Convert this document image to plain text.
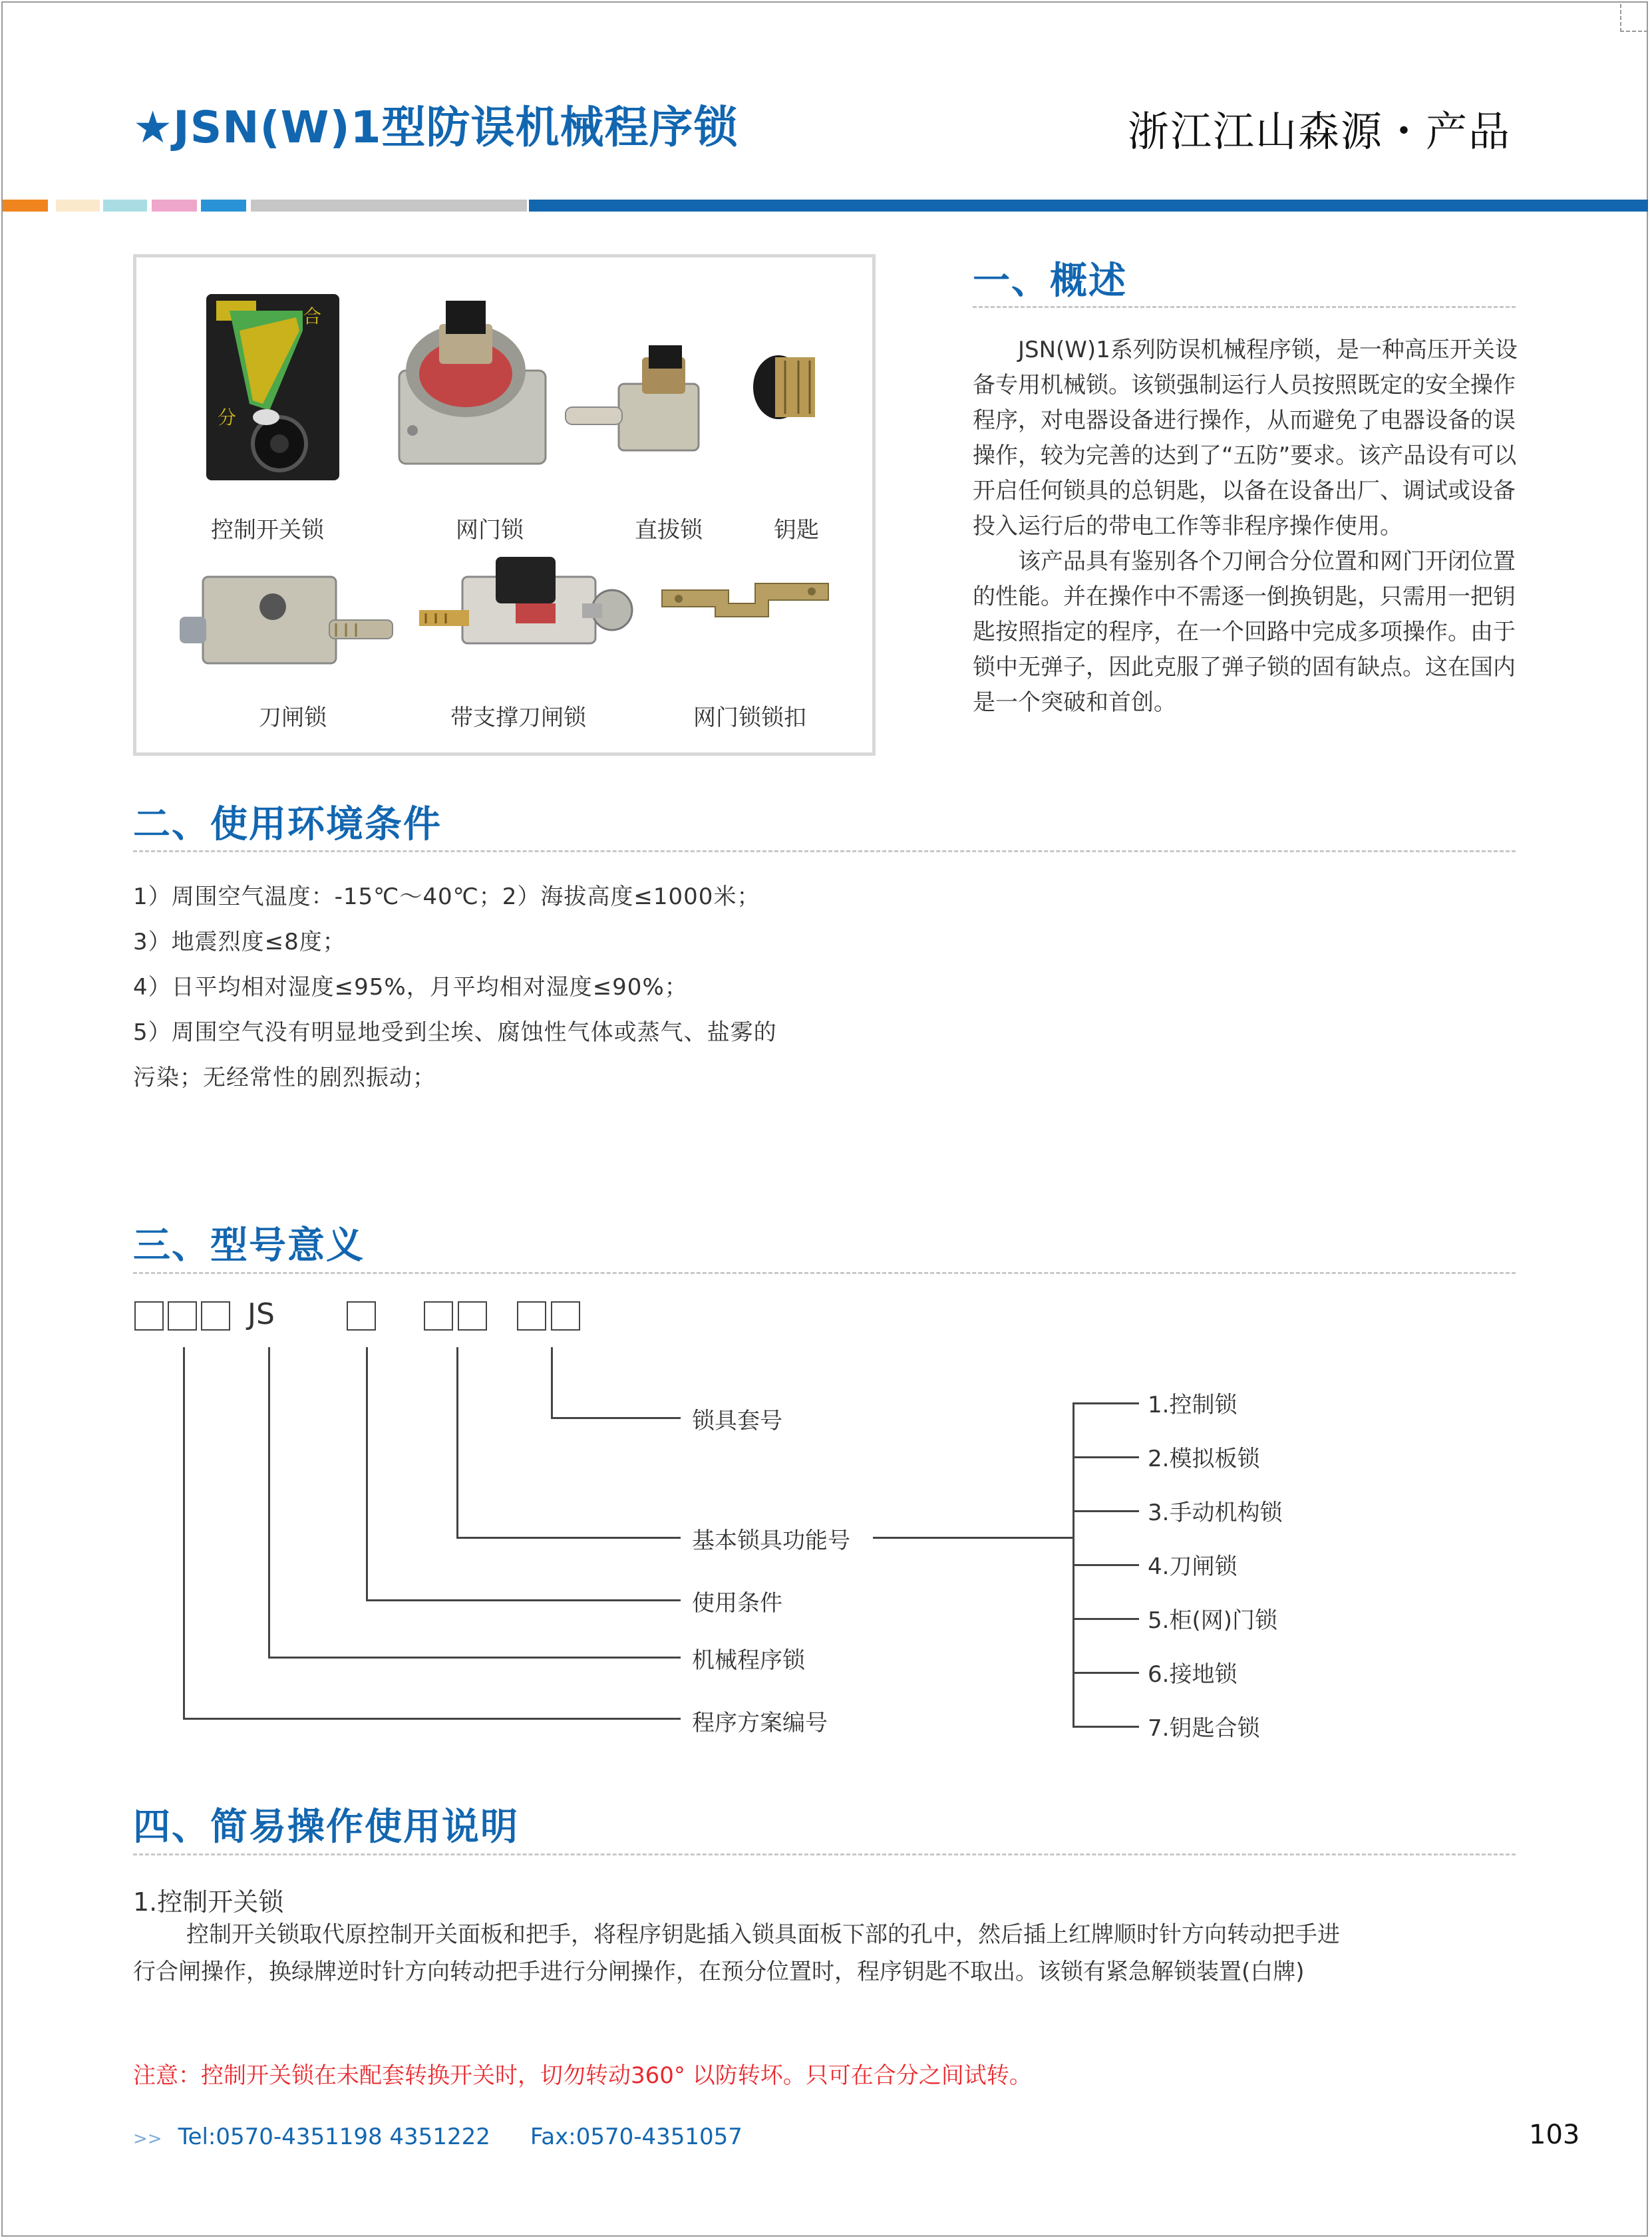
★JSN(W)1型防误机械程序锁	浙江江山森源・产品
合
分
控制开关锁	网门锁	直拔锁	钥匙
刀闸锁	带支撑刀闸锁	网门锁锁扣
一、概述

JSN(W)1系列防误机械程序锁，是一种高压开关设备专用机械锁。该锁强制运行人员按照既定的安全操作程序，对电器设备进行操作，从而避免了电器设备的误操作，较为完善的达到了“五防”要求。该产品设有可以开启任何锁具的总钥匙，以备在设备出厂、调试或设备投入运行后的带电工作等非程序操作使用。

该产品具有鉴别各个刀闸合分位置和网门开闭位置的性能。并在操作中不需逐一倒换钥匙，只需用一把钥匙按照指定的程序，在一个回路中完成多项操作。由于锁中无弹子，因此克服了弹子锁的固有缺点。这在国内是一个突破和首创。

二、使用环境条件
1）周围空气温度：-15℃～40℃；2）海拔高度≤1000米；
3）地震烈度≤8度；
4）日平均相对湿度≤95%，月平均相对湿度≤90%；
5）周围空气没有明显地受到尘埃、腐蚀性气体或蒸气、盐雾的
污染；无经常性的剧烈振动；
三、型号意义
JS
锁具套号
基本锁具功能号
使用条件
机械程序锁
程序方案编号
1.控制锁
2.模拟板锁
3.手动机构锁
4.刀闸锁
5.柜(网)门锁
6.接地锁
7.钥匙合锁
四、简易操作使用说明
1.控制开关锁

控制开关锁取代原控制开关面板和把手，将程序钥匙插入锁具面板下部的孔中，然后插上红牌顺时针方向转动把手进

行合闸操作，换绿牌逆时针方向转动把手进行分闸操作，在预分位置时，程序钥匙不取出。该锁有紧急解锁装置(白牌)

注意：控制开关锁在未配套转换开关时，切勿转动360° 以防转坏。只可在合分之间试转。
>> Tel:0570-4351198 4351222 Fax:0570-4351057	103
